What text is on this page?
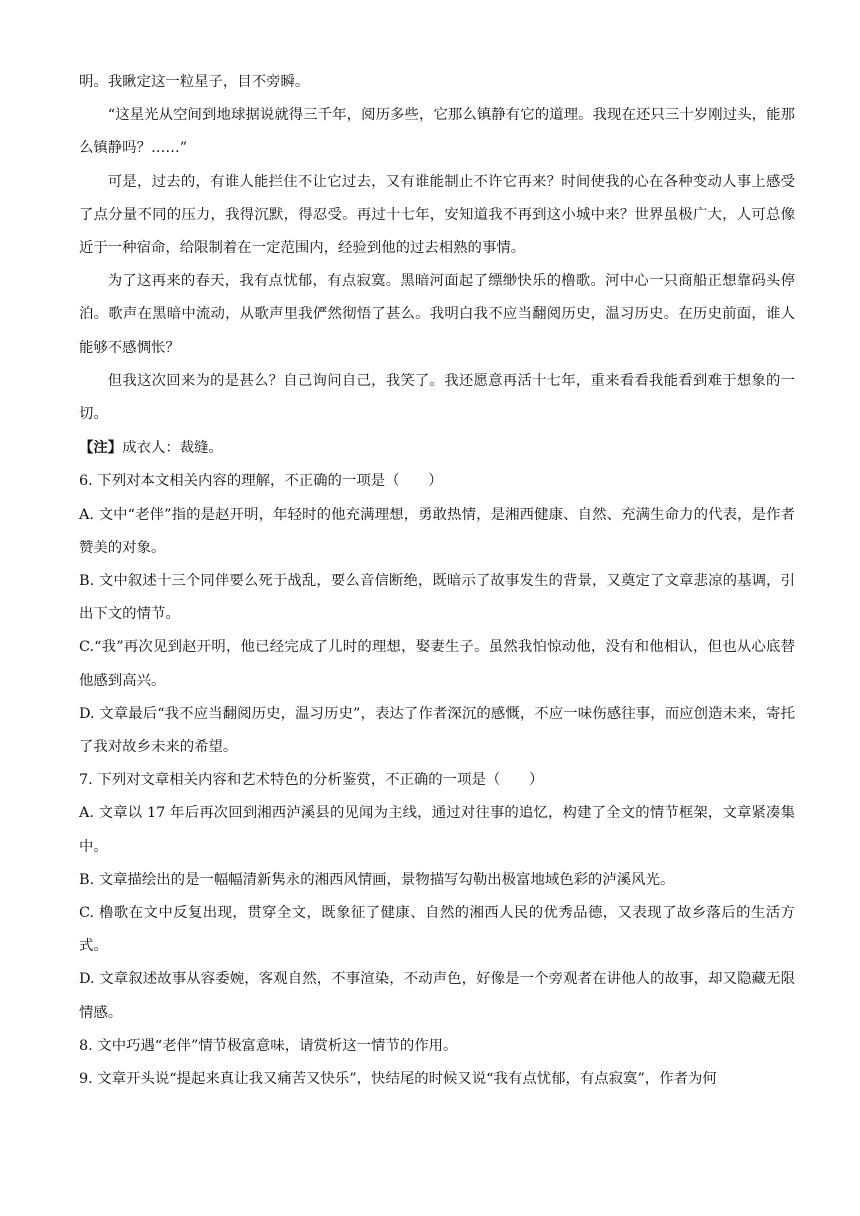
明。我瞅定这一粒星子，目不旁瞬。

“这星光从空间到地球据说就得三千年，阅历多些，它那么镇静有它的道理。我现在还只三十岁刚过头，能那么镇静吗？……”

可是，过去的，有谁人能拦住不让它过去，又有谁能制止不许它再来？时间使我的心在各种变动人事上感受了点分量不同的压力，我得沉默，得忍受。再过十七年，安知道我不再到这小城中来？世界虽极广大，人可总像近于一种宿命，给限制着在一定范围内，经验到他的过去相熟的事情。

为了这再来的春天，我有点忧郁，有点寂寞。黑暗河面起了缥缈快乐的橹歌。河中心一只商船正想靠码头停泊。歌声在黑暗中流动，从歌声里我俨然彻悟了甚么。我明白我不应当翻阅历史，温习历史。在历史前面，谁人能够不感惆怅？

但我这次回来为的是甚么？自己询问自己，我笑了。我还愿意再活十七年，重来看看我能看到难于想象的一切。

【注】成衣人：裁缝。

6. 下列对本文相关内容的理解，不正确的一项是（　　）

A. 文中“老伴”指的是赵开明，年轻时的他充满理想，勇敢热情，是湘西健康、自然、充满生命力的代表，是作者赞美的对象。

B. 文中叙述十三个同伴要么死于战乱，要么音信断绝，既暗示了故事发生的背景，又奠定了文章悲凉的基调，引出下文的情节。

C.“我”再次见到赵开明，他已经完成了儿时的理想，娶妻生子。虽然我怕惊动他，没有和他相认，但也从心底替他感到高兴。

D. 文章最后“我不应当翻阅历史，温习历史”，表达了作者深沉的感慨，不应一味伤感往事，而应创造未来，寄托了我对故乡未来的希望。

7. 下列对文章相关内容和艺术特色的分析鉴赏，不正确的一项是（　　）

A. 文章以 17 年后再次回到湘西泸溪县的见闻为主线，通过对往事的追忆，构建了全文的情节框架，文章紧凑集中。

B. 文章描绘出的是一幅幅清新隽永的湘西风情画，景物描写勾勒出极富地域色彩的泸溪风光。

C. 橹歌在文中反复出现，贯穿全文，既象征了健康、自然的湘西人民的优秀品德，又表现了故乡落后的生活方式。

D. 文章叙述故事从容委婉，客观自然，不事渲染，不动声色，好像是一个旁观者在讲他人的故事，却又隐藏无限情感。

8. 文中巧遇“老伴”情节极富意味，请赏析这一情节的作用。

9. 文章开头说“提起来真让我又痛苦又快乐”，快结尾的时候又说“我有点忧郁，有点寂寞”，作者为何
